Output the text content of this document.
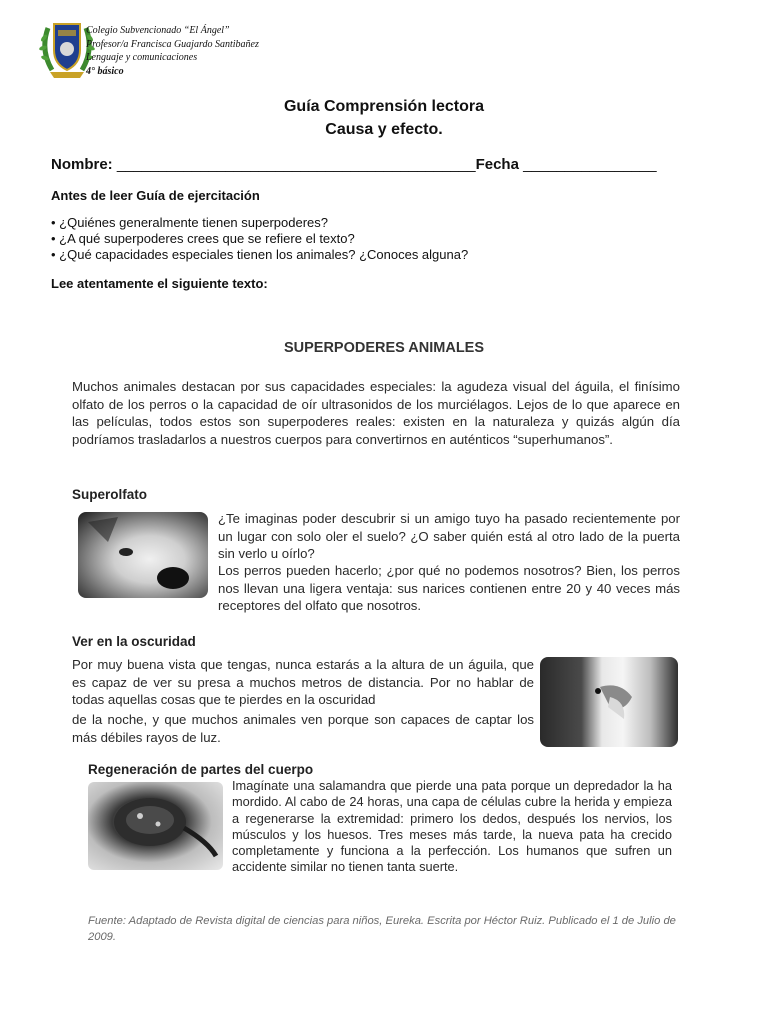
Colegio Subvencionado “El Ángel”
Profesor/a Francisca Guajardo Santibañez
Lenguaje y comunicaciones
4° básico
Guía Comprensión lectora
Causa y efecto.
Nombre: ___________________________________________Fecha ________________
Antes de leer Guía de ejercitación
• ¿Quiénes generalmente tienen superpoderes?
• ¿A qué superpoderes crees que se refiere el texto?
• ¿Qué capacidades especiales tienen los animales? ¿Conoces alguna?
Lee atentamente el siguiente texto:
SUPERPODERES ANIMALES
Muchos animales destacan por sus capacidades especiales: la agudeza visual del águila, el finísimo olfato de los perros o la capacidad de oír ultrasonidos de los murciélagos. Lejos de lo que aparece en las películas, todos estos son superpoderes reales: existen en la naturaleza y quizás algún día podríamos trasladarlos a nuestros cuerpos para convertirnos en auténticos “superhumanos”.
Superolfato
¿Te imaginas poder descubrir si un amigo tuyo ha pasado recientemente por un lugar con solo oler el suelo? ¿O saber quién está al otro lado de la puerta sin verlo u oírlo?
Los perros pueden hacerlo; ¿por qué no podemos nosotros? Bien, los perros nos llevan una ligera ventaja: sus narices contienen entre 20 y 40 veces más receptores del olfato que nosotros.
Ver en la oscuridad
Por muy buena vista que tengas, nunca estarás a la altura de un águila, que es capaz de ver su presa a muchos metros de distancia. Por no hablar de todas aquellas cosas que te pierdes en la oscuridad
de la noche, y que muchos animales ven porque son capaces de captar los más débiles rayos de luz.
Regeneración de partes del cuerpo
Imagínate una salamandra que pierde una pata porque un depredador la ha mordido. Al cabo de 24 horas, una capa de células cubre la herida y empieza a regenerarse la extremidad: primero los dedos, después los nervios, los músculos y los huesos. Tres meses más tarde, la nueva pata ha crecido completamente y funciona a la perfección. Los humanos que sufren un accidente similar no tienen tanta suerte.
Fuente: Adaptado de Revista digital de ciencias para niños, Eureka. Escrita por Héctor Ruiz. Publicado el 1 de Julio de 2009.
